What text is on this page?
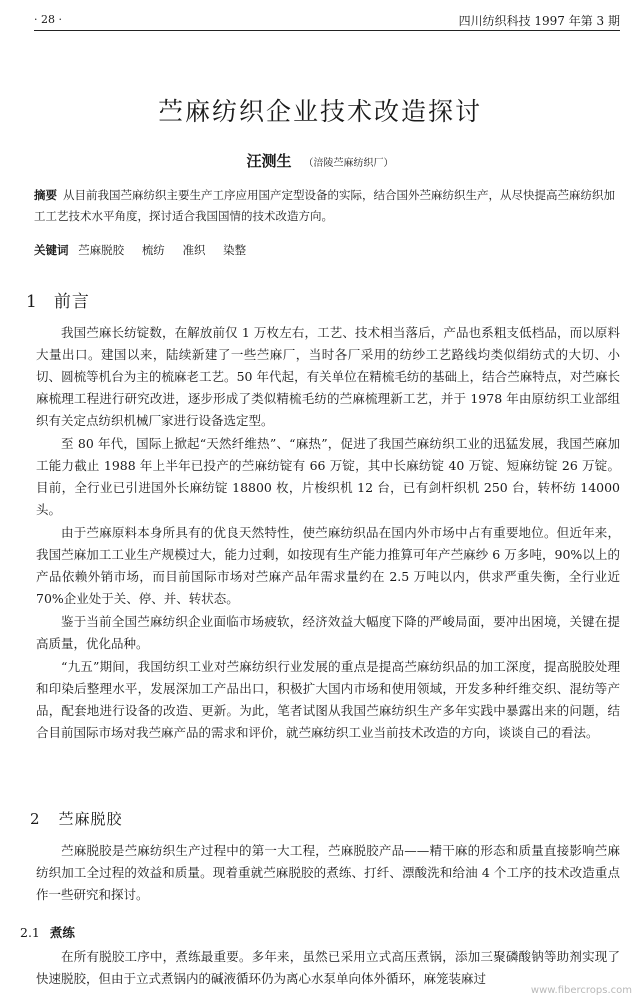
· 28 ·	四川纺织科技 1997 年第 3 期
苎麻纺织企业技术改造探讨
汪测生 （涪陵苎麻纺织厂）
摘要 从目前我国苎麻纺织主要生产工序应用国产定型设备的实际，结合国外苎麻纺织生产，从尽快提高苎麻纺织加工工艺技术水平角度，探讨适合我国国情的技术改造方向。
关键词 苎麻脱胶 梳纺 准织 染整
1 前言

我国苎麻长纺锭数，在解放前仅 1 万枚左右，工艺、技术相当落后，产品也系粗支低档品，而以原料大量出口。建国以来，陆续新建了一些苎麻厂，当时各厂采用的纺纱工艺路线均类似绢纺式的大切、小切、圆梳等机台为主的梳麻老工艺。50 年代起，有关单位在精梳毛纺的基础上，结合苎麻特点，对苎麻长麻梳理工程进行研究改进，逐步形成了类似精梳毛纺的苎麻梳理新工艺，并于 1978 年由原纺织工业部组织有关定点纺织机械厂家进行设备选定型。

至 80 年代，国际上掀起“天然纤维热”、“麻热”，促进了我国苎麻纺织工业的迅猛发展，我国苎麻加工能力截止 1988 年上半年已投产的苎麻纺锭有 66 万锭，其中长麻纺锭 40 万锭、短麻纺锭 26 万锭。目前，全行业已引进国外长麻纺锭 18800 枚，片梭织机 12 台，已有剑杆织机 250 台，转杯纺 14000 头。

由于苎麻原料本身所具有的优良天然特性，使苎麻纺织品在国内外市场中占有重要地位。但近年来，我国苎麻加工工业生产规模过大，能力过剩，如按现有生产能力推算可年产苎麻纱 6 万多吨，90%以上的产品依赖外销市场，而目前国际市场对苎麻产品年需求量约在 2.5 万吨以内，供求严重失衡，全行业近 70%企业处于关、停、并、转状态。

鉴于当前全国苎麻纺织企业面临市场疲软，经济效益大幅度下降的严峻局面，要冲出困境，关键在提高质量，优化品种。

“九五”期间，我国纺织工业对苎麻纺织行业发展的重点是提高苎麻纺织品的加工深度，提高脱胶处理和印染后整理水平，发展深加工产品出口，积极扩大国内市场和使用领域，开发多种纤维交织、混纺等产品，配套地进行设备的改造、更新。为此，笔者试图从我国苎麻纺织生产多年实践中暴露出来的问题，结合目前国际市场对我苎麻产品的需求和评价，就苎麻纺织工业当前技术改造的方向，谈谈自己的看法。

2 苎麻脱胶

苎麻脱胶是苎麻纺织生产过程中的第一大工程，苎麻脱胶产品——精干麻的形态和质量直接影响苎麻纺织加工全过程的效益和质量。现着重就苎麻脱胶的煮练、打纤、漂酸洗和给油 4 个工序的技术改造重点作一些研究和探讨。

2.1 煮练

在所有脱胶工序中，煮练最重要。多年来，虽然已采用立式高压煮锅，添加三聚磷酸钠等助剂实现了快速脱胶，但由于立式煮锅内的碱液循环仍为离心水泵单向体外循环，麻笼装麻过

www.fibercrops.com
